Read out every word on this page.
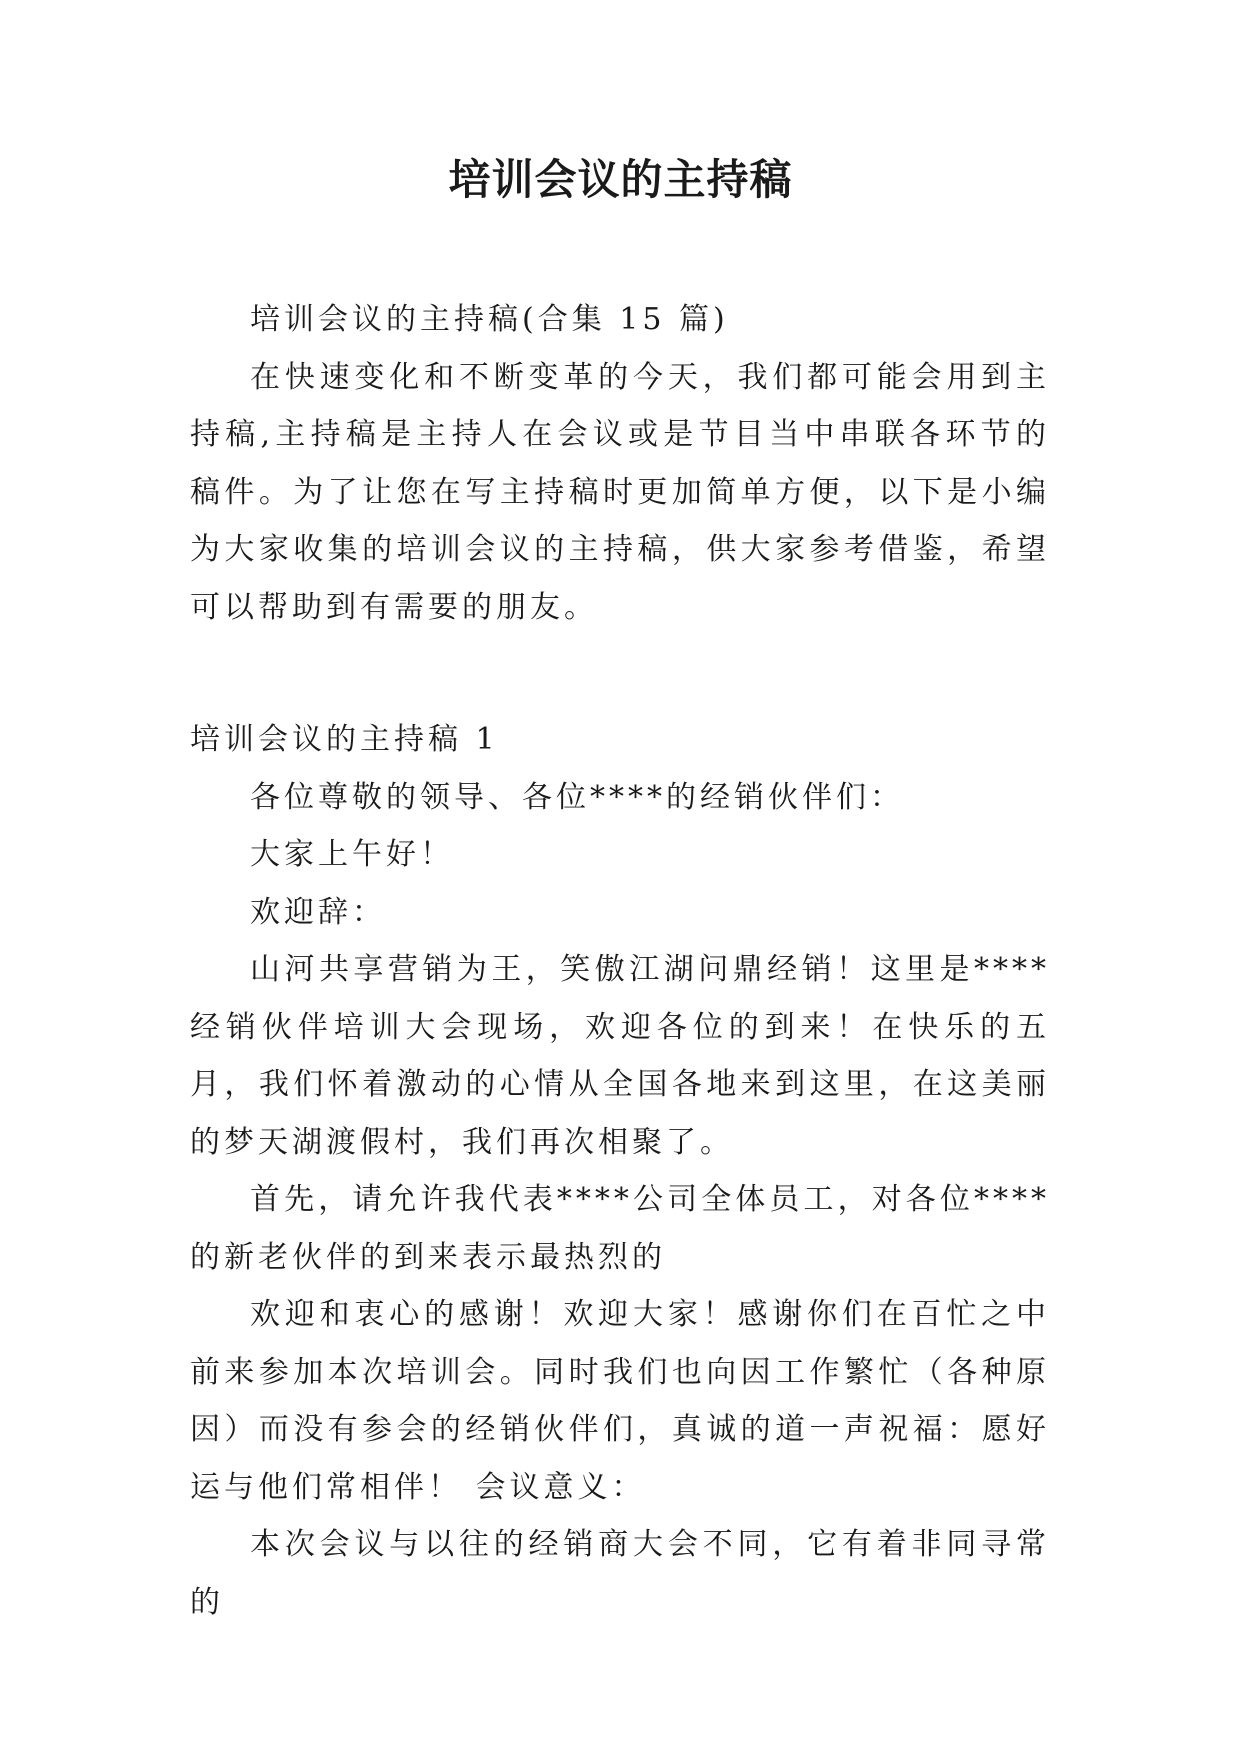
培训会议的主持稿

培训会议的主持稿(合集 15 篇)

在快速变化和不断变革的今天，我们都可能会用到主持稿,主持稿是主持人在会议或是节目当中串联各环节的稿件。为了让您在写主持稿时更加简单方便，以下是小编为大家收集的培训会议的主持稿，供大家参考借鉴，希望可以帮助到有需要的朋友。

培训会议的主持稿 1

各位尊敬的领导、各位****的经销伙伴们：

大家上午好！

欢迎辞：

山河共享营销为王，笑傲江湖问鼎经销！这里是****经销伙伴培训大会现场，欢迎各位的到来！在快乐的五月，我们怀着激动的心情从全国各地来到这里，在这美丽的梦天湖渡假村，我们再次相聚了。

首先，请允许我代表****公司全体员工，对各位****的新老伙伴的到来表示最热烈的

欢迎和衷心的感谢！欢迎大家！感谢你们在百忙之中前来参加本次培训会。同时我们也向因工作繁忙（各种原因）而没有参会的经销伙伴们，真诚的道一声祝福：愿好运与他们常相伴！ 会议意义：

本次会议与以往的经销商大会不同，它有着非同寻常的
